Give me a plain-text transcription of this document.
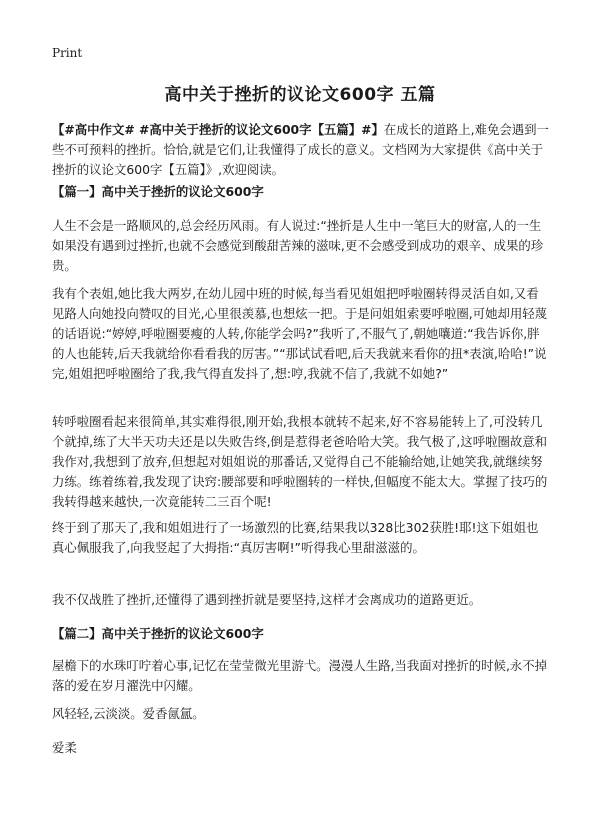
Print
高中关于挫折的议论文600字 五篇

【#高中作文# #高中关于挫折的议论文600字【五篇】#】在成长的道路上,难免会遇到一些不可预料的挫折。恰恰,就是它们,让我懂得了成长的意义。文档网为大家提供《高中关于挫折的议论文600字【五篇】》,欢迎阅读。

【篇一】高中关于挫折的议论文600字

人生不会是一路顺风的,总会经历风雨。有人说过:“挫折是人生中一笔巨大的财富,人的一生如果没有遇到过挫折,也就不会感觉到酸甜苦辣的滋味,更不会感受到成功的艰辛、成果的珍贵。

我有个表姐,她比我大两岁,在幼儿园中班的时候,每当看见姐姐把呼啦圈转得灵活自如,又看见路人向她投向赞叹的目光,心里很羡慕,也想炫一把。于是问姐姐索要呼啦圈,可她却用轻蔑的话语说:“婷婷,呼啦圈要瘦的人转,你能学会吗?”我听了,不服气了,朝她嚷道:“我告诉你,胖的人也能转,后天我就给你看看我的厉害。”“那试试看吧,后天我就来看你的扭*表演,哈哈!”说完,姐姐把呼啦圈给了我,我气得直发抖了,想:哼,我就不信了,我就不如她?”

转呼啦圈看起来很简单,其实难得很,刚开始,我根本就转不起来,好不容易能转上了,可没转几个就掉,练了大半天功夫还是以失败告终,倒是惹得老爸哈哈大笑。我气极了,这呼啦圈故意和我作对,我想到了放弃,但想起对姐姐说的那番话,又觉得自己不能输给她,让她笑我,就继续努力练。练着练着,我发现了诀窍:腰部要和呼啦圈转的一样快,但幅度不能太大。掌握了技巧的我转得越来越快,一次竟能转二三百个呢!

终于到了那天了,我和姐姐进行了一场激烈的比赛,结果我以328比302获胜!耶!这下姐姐也真心佩服我了,向我竖起了大拇指:“真厉害啊!”听得我心里甜滋滋的。

我不仅战胜了挫折,还懂得了遇到挫折就是要坚持,这样才会离成功的道路更近。

【篇二】高中关于挫折的议论文600字

屋檐下的水珠叮咛着心事,记忆在莹莹微光里游弋。漫漫人生路,当我面对挫折的时候,永不掉落的爱在岁月濯洗中闪耀。

风轻轻,云淡淡。爱香氤氲。

爱柔
